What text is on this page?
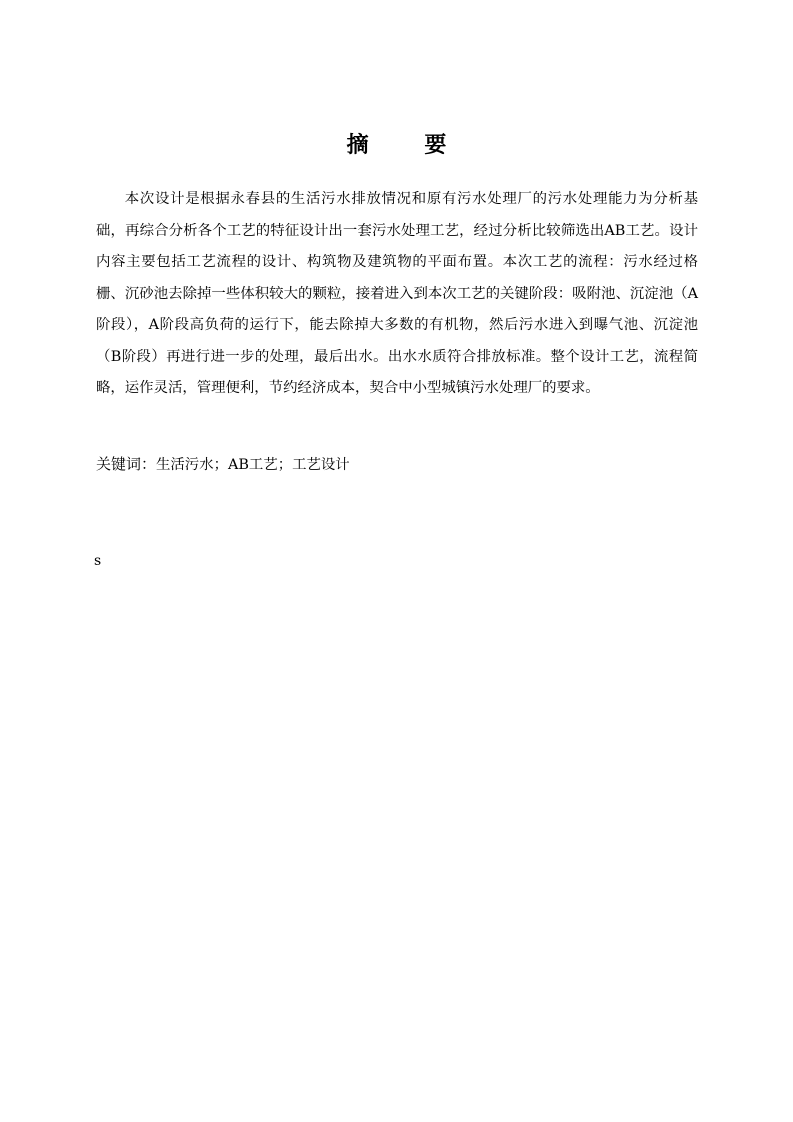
摘 要

本次设计是根据永春县的生活污水排放情况和原有污水处理厂的污水处理能力为分析基础，再综合分析各个工艺的特征设计出一套污水处理工艺，经过分析比较筛选出AB工艺。设计内容主要包括工艺流程的设计、构筑物及建筑物的平面布置。本次工艺的流程：污水经过格栅、沉砂池去除掉一些体积较大的颗粒，接着进入到本次工艺的关键阶段：吸附池、沉淀池（A阶段），A阶段高负荷的运行下，能去除掉大多数的有机物，然后污水进入到曝气池、沉淀池（B阶段）再进行进一步的处理，最后出水。出水水质符合排放标准。整个设计工艺，流程简略，运作灵活，管理便利，节约经济成本，契合中小型城镇污水处理厂的要求。

关键词：生活污水；AB工艺；工艺设计
s
